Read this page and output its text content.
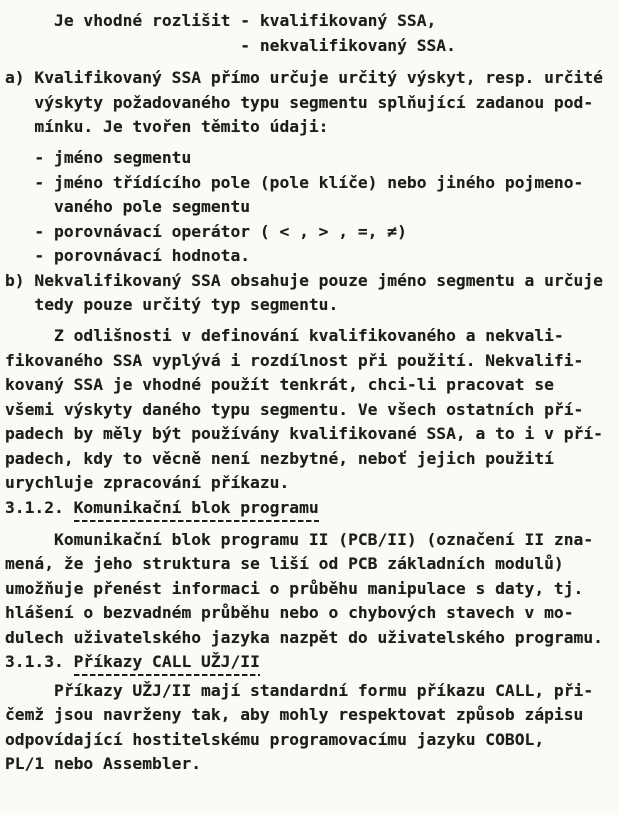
Je vhodné rozlišit - kvalifikovaný SSA,
- nekvalifikovaný SSA.
a) Kvalifikovaný SSA přímo určuje určitý výskyt, resp. určité
výskyty požadovaného typu segmentu splňující zadanou pod-
mínku. Je tvořen těmito údaji:
- jméno segmentu
- jméno třídícího pole (pole klíče) nebo jiného pojmeno-
vaného pole segmentu
- porovnávací operátor ( < , > , =, ≠)
- porovnávací hodnota.
b) Nekvalifikovaný SSA obsahuje pouze jméno segmentu a určuje
tedy pouze určitý typ segmentu.
Z odlišnosti v definování kvalifikovaného a nekvali-
fikovaného SSA vyplývá i rozdílnost při použití. Nekvalifi-
kovaný SSA je vhodné použít tenkrát, chci-li pracovat se
všemi výskyty daného typu segmentu. Ve všech ostatních pří-
padech by měly být používány kvalifikované SSA, a to i v pří-
padech, kdy to věcně není nezbytné, neboť jejich použití
urychluje zpracování příkazu.
3.1.2. Komunikační blok programu
Komunikační blok programu II (PCB/II) (označení II zna-
mená, že jeho struktura se liší od PCB základních modulů)
umožňuje přenést informaci o průběhu manipulace s daty, tj.
hlášení o bezvadném průběhu nebo o chybových stavech v mo-
dulech uživatelského jazyka nazpět do uživatelského programu.
3.1.3. Příkazy CALL UŽJ/II
Příkazy UŽJ/II mají standardní formu příkazu CALL, při-
čemž jsou navrženy tak, aby mohly respektovat způsob zápisu
odpovídající hostitelskému programovacímu jazyku COBOL,
PL/1 nebo Assembler.
